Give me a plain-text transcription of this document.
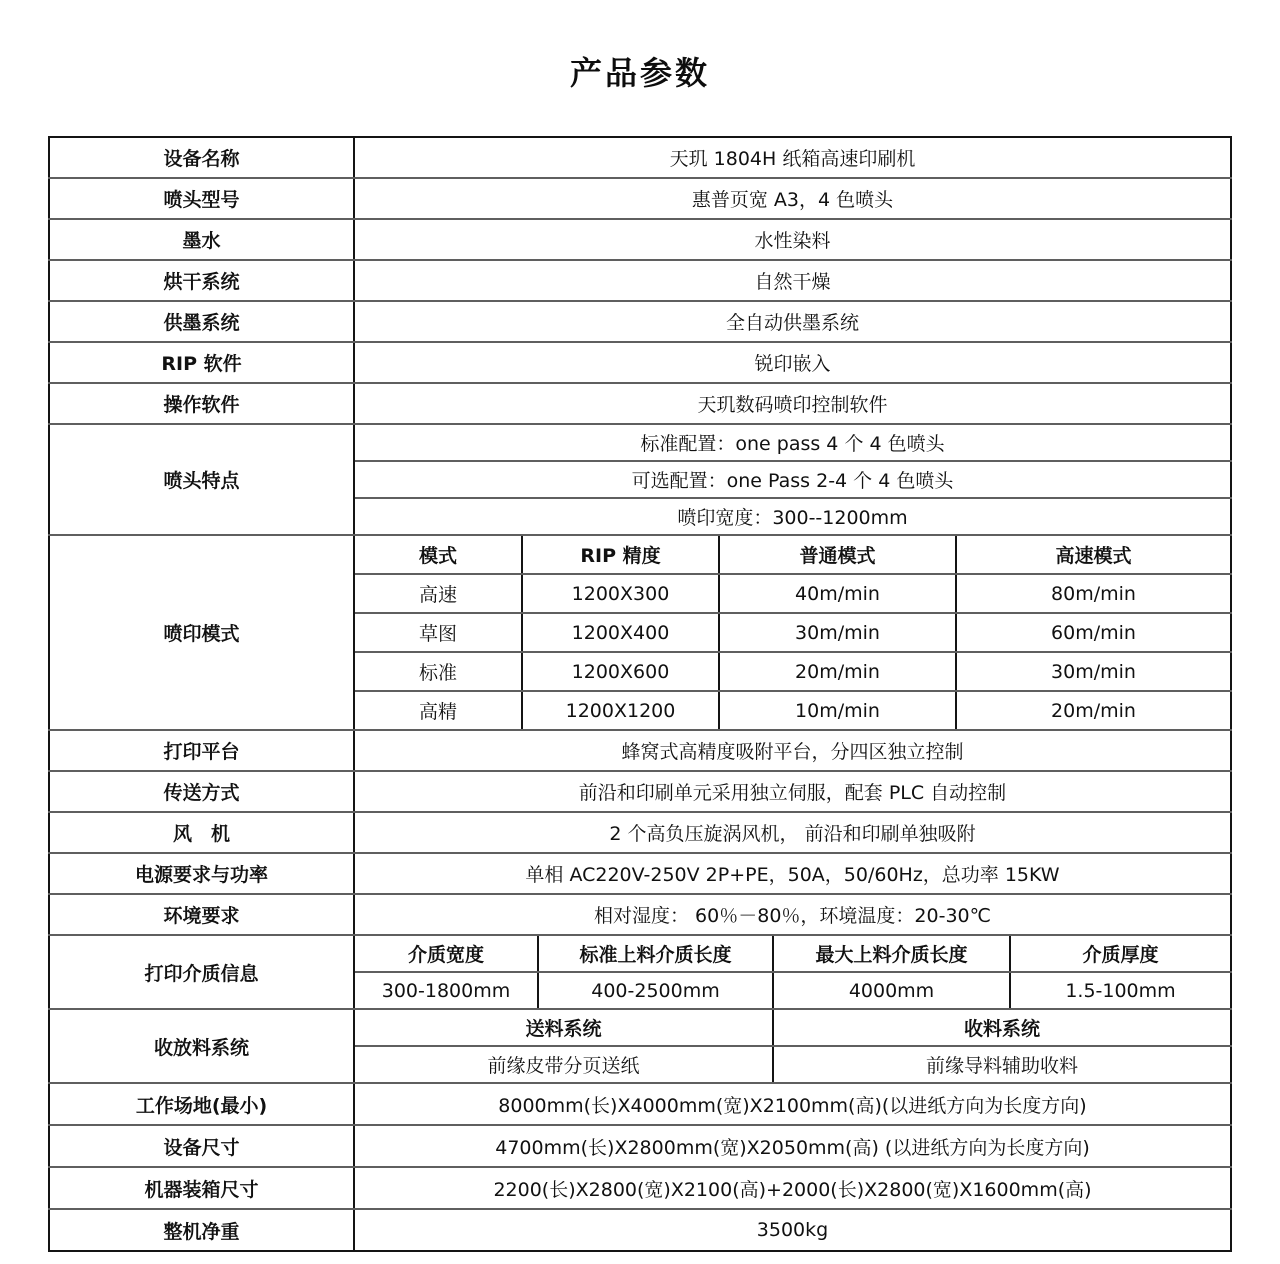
产品参数
设备名称	天玑 1804H 纸箱高速印刷机
喷头型号	惠普页宽 A3，4 色喷头
墨水	水性染料
烘干系统	自然干燥
供墨系统	全自动供墨系统
RIP 软件	锐印嵌入
操作软件	天玑数码喷印控制软件
喷头特点	标准配置：one pass 4 个 4 色喷头
	可选配置：one Pass 2-4 个 4 色喷头
	喷印宽度：300--1200mm
喷印模式	模式 RIP 精度 普通模式 高速模式

高速 1200X300 40m/min 80m/min

草图 1200X400 30m/min 60m/min

标准 1200X600 20m/min 30m/min

高精 1200X1200 10m/min 20m/min

打印平台	蜂窝式高精度吸附平台，分四区独立控制
传送方式	前沿和印刷单元采用独立伺服，配套 PLC 自动控制
风　机	2 个高负压旋涡风机， 前沿和印刷单独吸附
电源要求与功率	单相 AC220V-250V 2P+PE，50A，50/60Hz，总功率 15KW
环境要求	相对湿度： 60％－80％，环境温度：20-30℃
打印介质信息	介质宽度 标准上料介质长度 最大上料介质长度 介质厚度

300-1800mm 400-2500mm 4000mm 1.5-100mm

收放料系统	送料系统 收料系统

前缘皮带分页送纸 前缘导料辅助收料

工作场地(最小)	8000mm(长)X4000mm(宽)X2100mm(高)(以进纸方向为长度方向)
设备尺寸	4700mm(长)X2800mm(宽)X2050mm(高) (以进纸方向为长度方向)
机器装箱尺寸	2200(长)X2800(宽)X2100(高)+2000(长)X2800(宽)X1600mm(高)
整机净重	3500kg
